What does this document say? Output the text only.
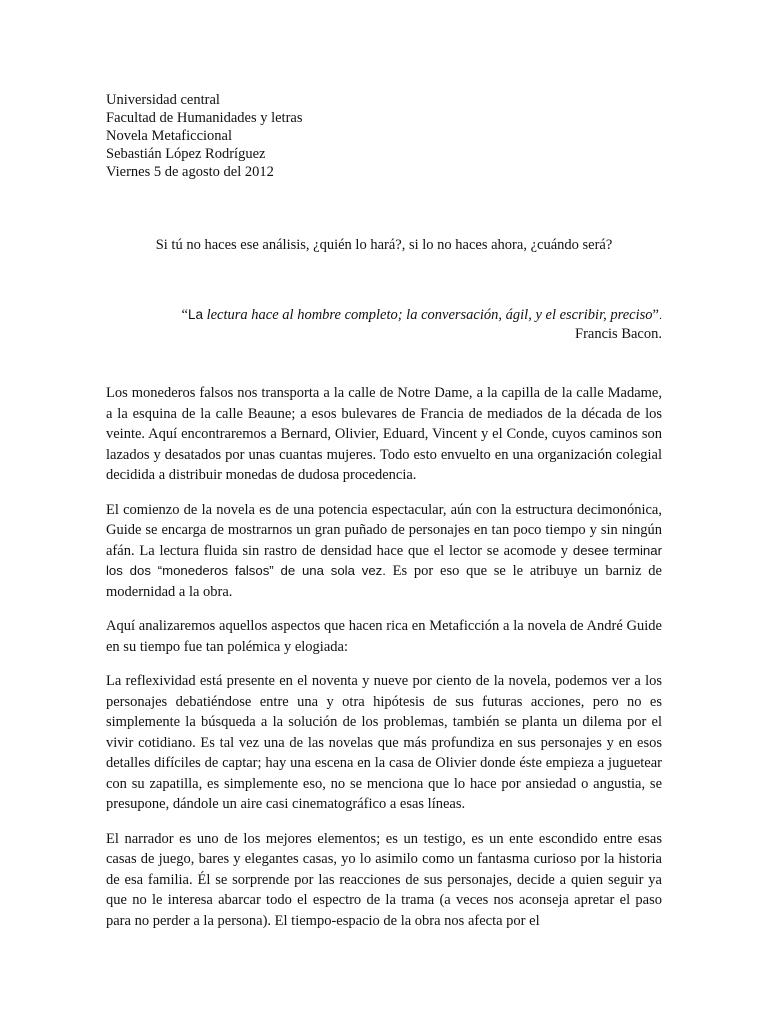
Universidad central

Facultad de Humanidades y letras

Novela Metaficcional

Sebastián López Rodríguez

Viernes 5 de agosto del 2012

Si tú no haces ese análisis, ¿quién lo hará?, si lo no haces ahora, ¿cuándo será?

“La lectura hace al hombre completo; la conversación, ágil, y el escribir, preciso”.
Francis Bacon.

Los monederos falsos nos transporta a la calle de Notre Dame, a la capilla de la calle Madame, a la esquina de la calle Beaune; a esos bulevares de Francia de mediados de la década de los veinte. Aquí encontraremos a Bernard, Olivier, Eduard, Vincent y el Conde, cuyos caminos son lazados y desatados por unas cuantas mujeres. Todo esto envuelto en una organización colegial decidida a distribuir monedas de dudosa procedencia.

El comienzo de la novela es de una potencia espectacular, aún con la estructura decimonónica, Guide se encarga de mostrarnos un gran puñado de personajes en tan poco tiempo y sin ningún afán. La lectura fluida sin rastro de densidad hace que el lector se acomode y desee terminar los dos “monederos falsos” de una sola vez. Es por eso que se le atribuye un barniz de modernidad a la obra.

Aquí analizaremos aquellos aspectos que hacen rica en Metaficción a la novela de André Guide en su tiempo fue tan polémica y elogiada:

La reflexividad está presente en el noventa y nueve por ciento de la novela, podemos ver a los personajes debatiéndose entre una y otra hipótesis de sus futuras acciones, pero no es simplemente la búsqueda a la solución de los problemas, también se planta un dilema por el vivir cotidiano. Es tal vez una de las novelas que más profundiza en sus personajes y en esos detalles difíciles de captar; hay una escena en la casa de Olivier donde éste empieza a juguetear con su zapatilla, es simplemente eso, no se menciona que lo hace por ansiedad o angustia, se presupone, dándole un aire casi cinematográfico a esas líneas.

El narrador es uno de los mejores elementos; es un testigo, es un ente escondido entre esas casas de juego, bares y elegantes casas, yo lo asimilo como un fantasma curioso por la historia de esa familia. Él se sorprende por las reacciones de sus personajes, decide a quien seguir ya que no le interesa abarcar todo el espectro de la trama (a veces nos aconseja apretar el paso para no perder a la persona). El tiempo-espacio de la obra nos afecta por el
